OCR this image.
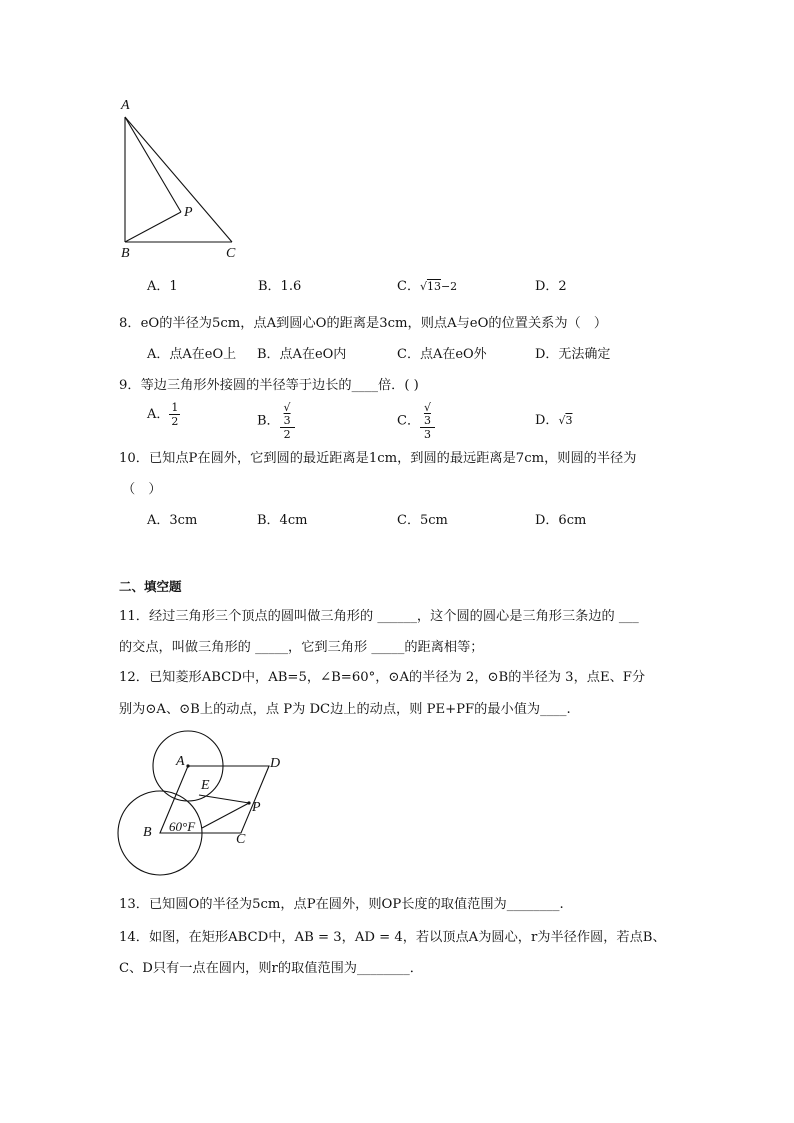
A
P
B	C
A．1	B．1.6	C．√13−2	D．2
8．eO的半径为5cm，点A到圆心O的距离是3cm，则点A与eO的位置关系为（　）
A．点A在eO上 B．点A在eO内	C．点A在eO外	D．无法确定
9．等边三角形外接圆的半径等于边长的____倍．( )
A． $\frac{1}{2}$	B． √
3
2	C． √
3
3	D．√3
10．已知点P在圆外，它到圆的最近距离是1cm，到圆的最远距离是7cm，则圆的半径为
（　）
A．3cm	B．4cm	C．5cm	D．6cm
二、填空题
11．经过三角形三个顶点的圆叫做三角形的 ______，这个圆的圆心是三角形三条边的 ___
的交点，叫做三角形的 _____，它到三角形 _____的距离相等；
12．已知菱形ABCD中，AB=5，∠B=60°，⊙A的半径为 2，⊙B的半径为 3，点E、F分
别为⊙A、⊙B上的动点，点 P为 DC边上的动点，则 PE+PF的最小值为____.
A	D
E
P
B 60°F
C
13．已知圆O的半径为5cm，点P在圆外，则OP长度的取值范围为________.
14．如图，在矩形ABCD中，AB = 3，AD = 4，若以顶点A为圆心，r为半径作圆，若点B、
C、D只有一点在圆内，则r的取值范围为________．
